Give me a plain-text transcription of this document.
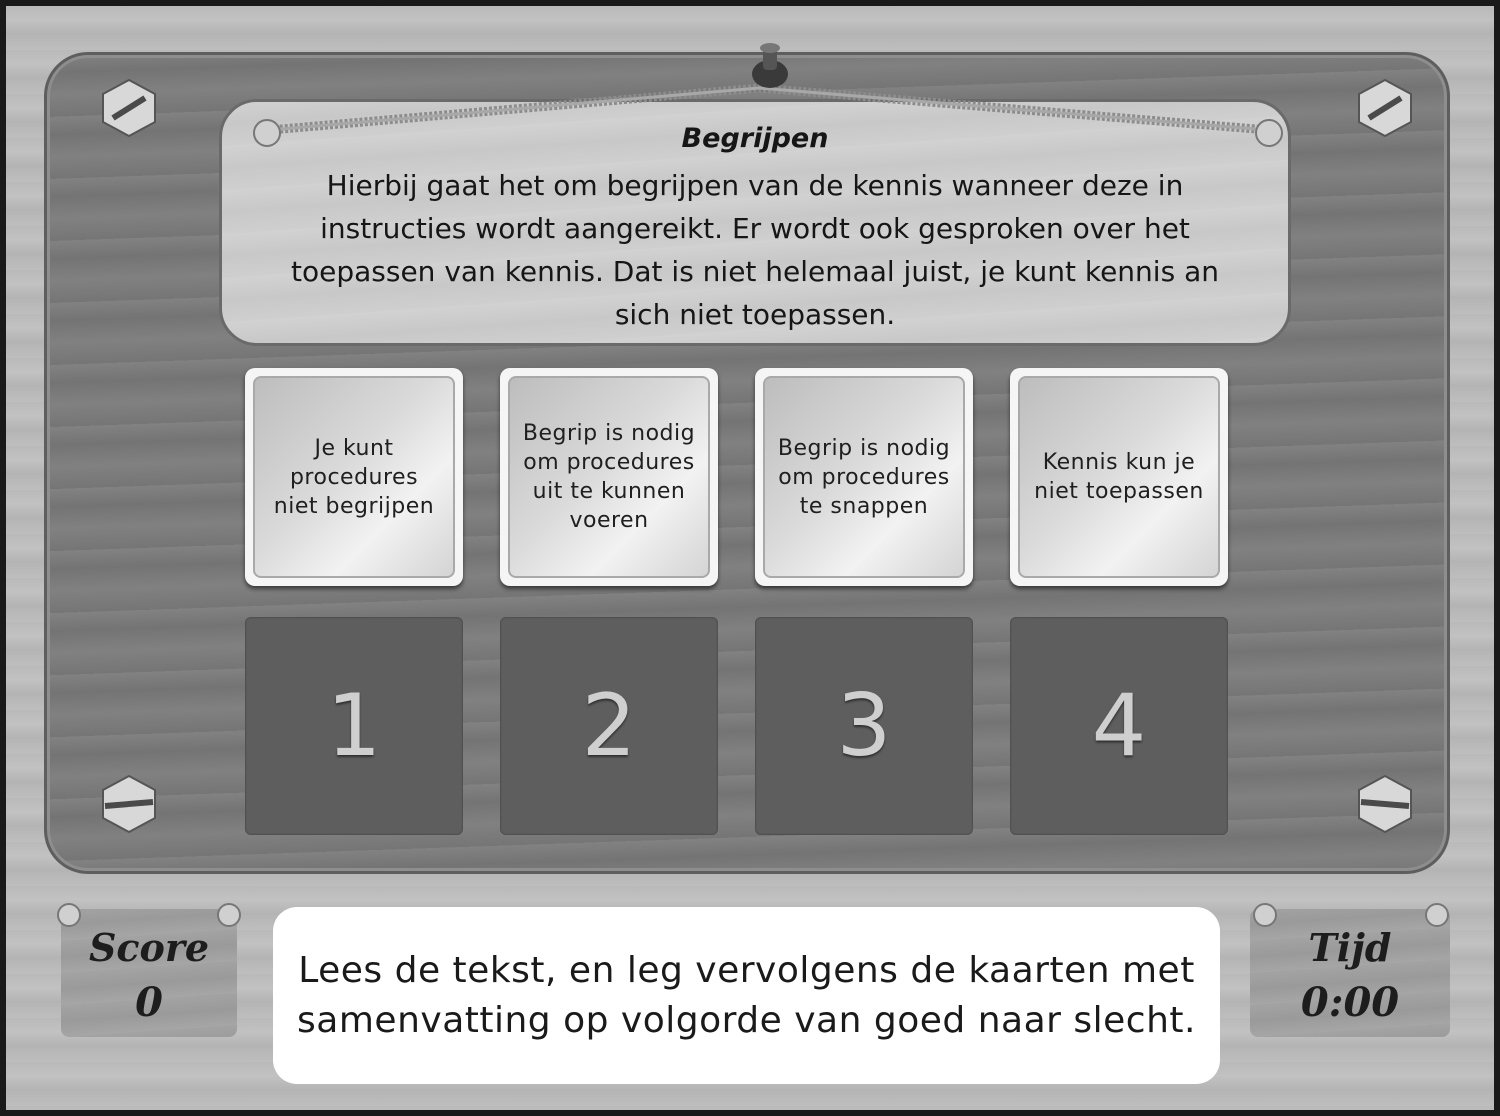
Begrijpen
Hierbij gaat het om begrijpen van de kennis wanneer deze in instructies wordt aangereikt. Er wordt ook gesproken over het toepassen van kennis. Dat is niet helemaal juist, je kunt kennis an sich niet toepassen.
Je kunt procedures niet begrijpen
Begrip is nodig om procedures uit te kunnen voeren
Begrip is nodig om procedures te snappen
Kennis kun je niet toepassen
1 2 3 4
Score
0
Lees de tekst, en leg vervolgens de kaarten met samenvatting op volgorde van goed naar slecht.
Tijd
0:00
